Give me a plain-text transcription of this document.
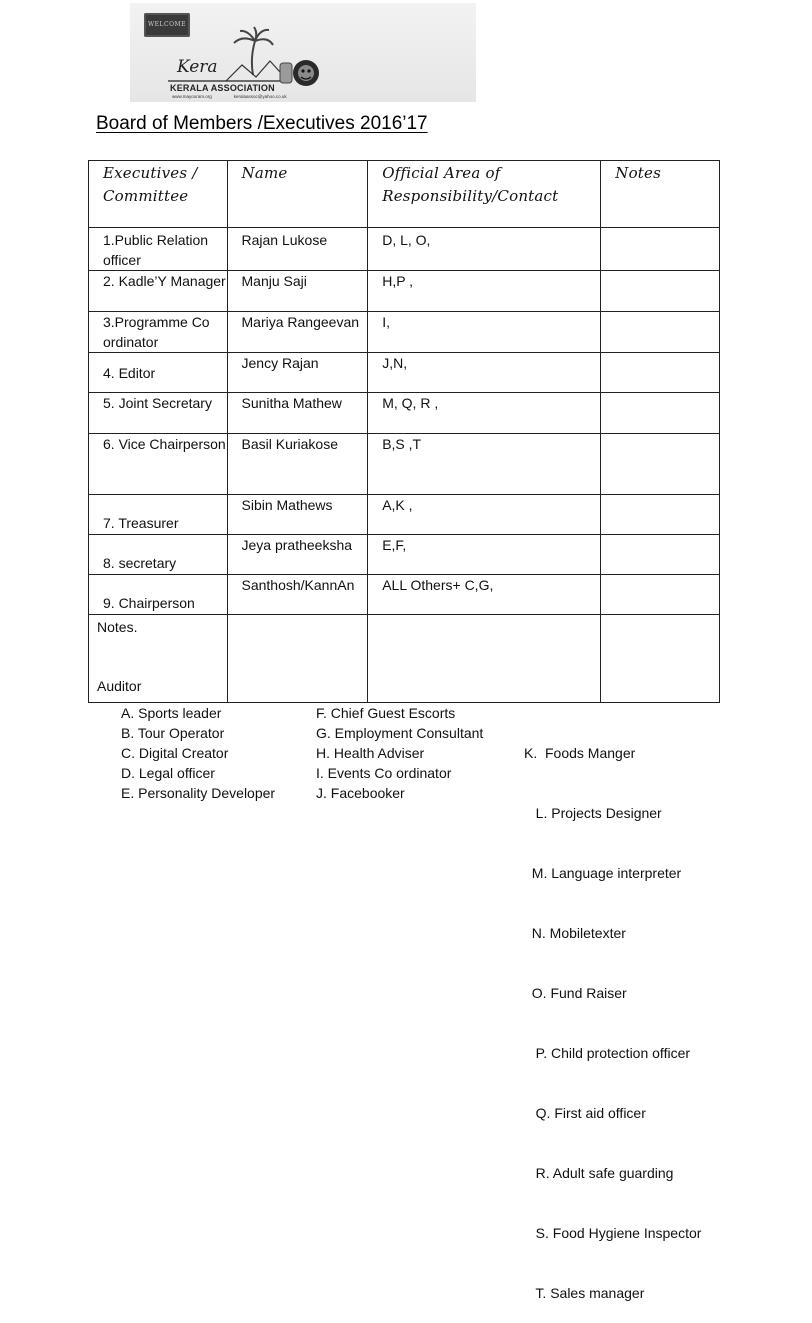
WELCOME
Kera
KERALA ASSOCIATION
www.mayooram.org	keralaassoc@yahoo.co.uk
Board of Members /Executives 2016’17
Executives / Committee	Name	Official Area of Responsibility/Contact	Notes
1.Public Relation officer	Rajan Lukose	D, L, O,	
2. Kadle’Y Manager	Manju Saji	H,P ,	
3.Programme Co ordinator	Mariya Rangeevan	I,	
4. Editor	Jency Rajan	J,N,	
5. Joint Secretary	Sunitha Mathew	M, Q, R ,	
6. Vice Chairperson	Basil Kuriakose	B,S ,T	
7. Treasurer	Sibin Mathews	A,K ,	
8. secretary	Jeya pratheeksha	E,F,	
9. Chairperson	Santhosh/KannAn	ALL Others+ C,G,	

Notes.
Auditor			

A. Sports leader
B. Tour Operator
C. Digital Creator
D. Legal officer
E. Personality Developer
F. Chief Guest Escorts
G. Employment Consultant
H. Health Adviser
I. Events Co ordinator
J. Facebooker

K.  Foods Manger

L. Projects Designer

M. Language interpreter

N. Mobiletexter

O. Fund Raiser

P. Child protection officer

Q. First aid officer

R. Adult safe guarding

S. Food Hygiene Inspector

T. Sales manager
